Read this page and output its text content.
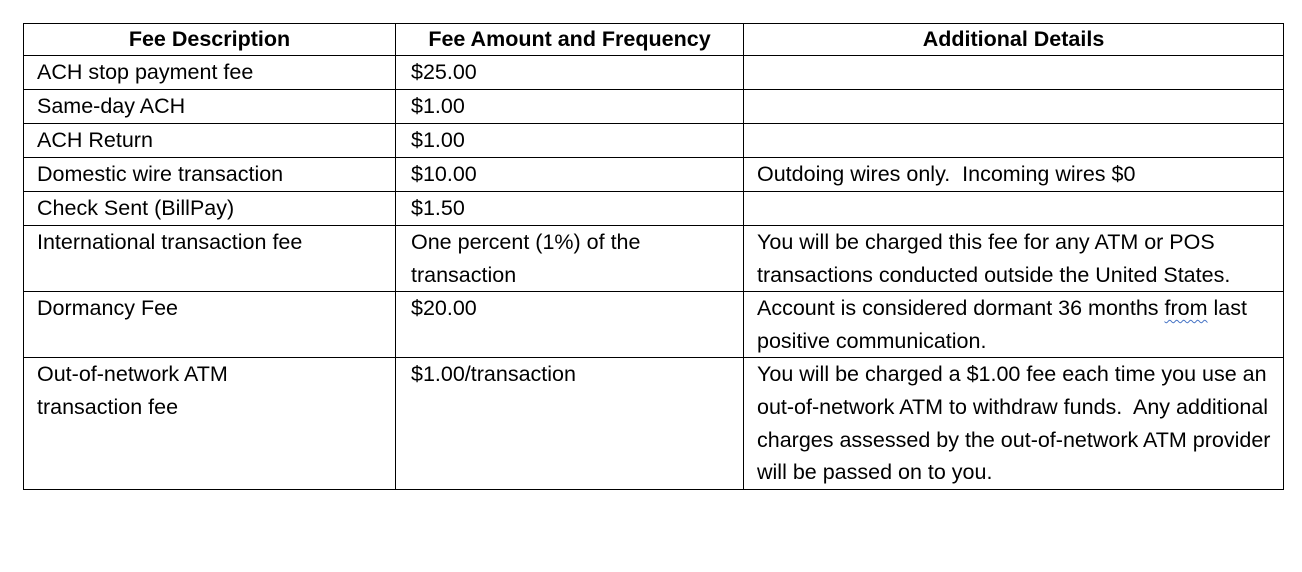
Fee Description	Fee Amount and Frequency	Additional Details
ACH stop payment fee	$25.00	
Same-day ACH	$1.00	
ACH Return	$1.00	
Domestic wire transaction	$10.00	Outdoing wires only.  Incoming wires $0
Check Sent (BillPay)	$1.50	
International transaction fee	One percent (1%) of the transaction	You will be charged this fee for any ATM or POS transactions conducted outside the United States.
Dormancy Fee	$20.00	Account is considered dormant 36 months from last positive communication.
Out-of-network ATM transaction fee	$1.00/transaction	You will be charged a $1.00 fee each time you use an out-of-network ATM to withdraw funds.  Any additional charges assessed by the out-of-network ATM provider will be passed on to you.
